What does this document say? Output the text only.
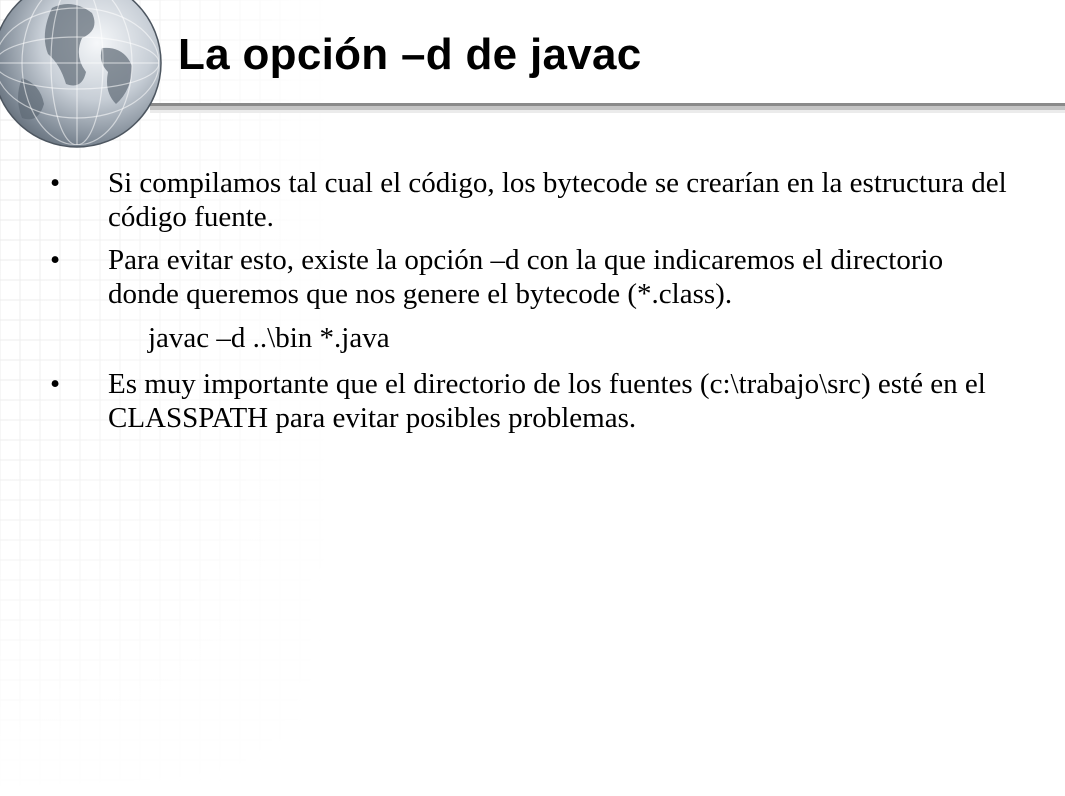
La opción –d de javac
•	Si compilamos tal cual el código, los bytecode se crearían en la estructura del código fuente.
•	Para evitar esto, existe la opción –d con la que indicaremos el directorio donde queremos que nos genere el bytecode (*.class).
javac –d ..\bin *.java
•	Es muy importante que el directorio de los fuentes (c:\trabajo\src) esté en el CLASSPATH para evitar posibles problemas.
